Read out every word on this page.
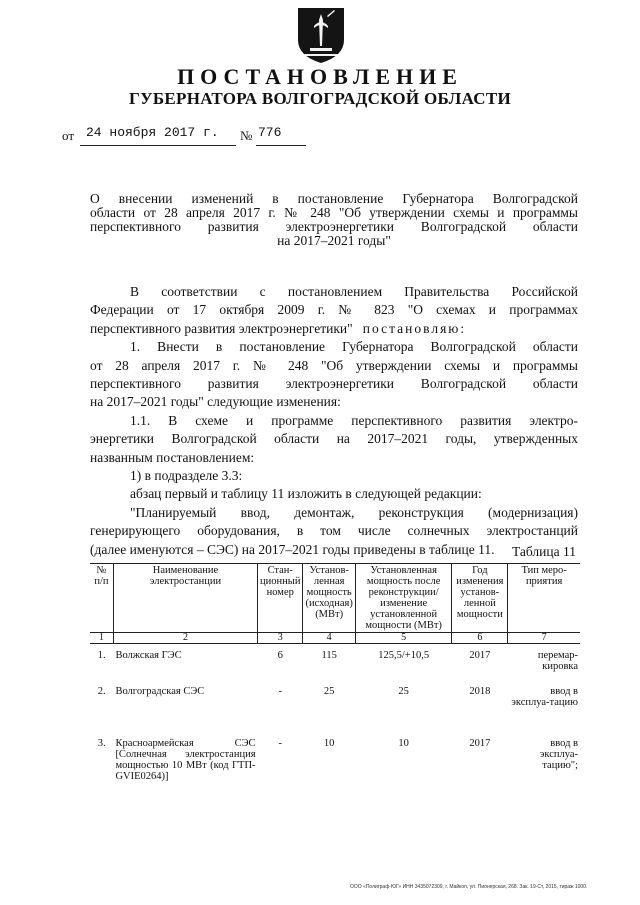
ПОСТАНОВЛЕНИЕ
ГУБЕРНАТОРА ВОЛГОГРАДСКОЙ ОБЛАСТИ
от 24 ноября 2017 г. № 776
О внесении изменений в постановление Губернатора Волгоградской
области от 28 апреля 2017 г. № 248 "Об утверждении схемы и программы
перспективного развития электроэнергетики Волгоградской области
на 2017–2021 годы"
В соответствии с постановлением Правительства Российской
Федерации от 17 октября 2009 г. № 823 "О схемах и программах
перспективного развития электроэнергетики" постановляю:
1. Внести в постановление Губернатора Волгоградской области
от 28 апреля 2017 г. № 248 "Об утверждении схемы и программы
перспективного развития электроэнергетики Волгоградской области
на 2017–2021 годы" следующие изменения:
1.1. В схеме и программе перспективного развития электро-
энергетики Волгоградской области на 2017–2021 годы, утвержденных
названным постановлением:
1) в подразделе 3.3:
абзац первый и таблицу 11 изложить в следующей редакции:
"Планируемый ввод, демонтаж, реконструкция (модернизация)
генерирующего оборудования, в том числе солнечных электростанций
(далее именуются – СЭС) на 2017–2021 годы приведены в таблице 11.	Таблица 11
№ п/п	Наименование электростанции	Стан-ционный номер	Установ-ленная мощность (исходная) (МВт)	Установленная мощность после реконструкции/ изменение установленной мощности (МВт)	Год изменения установ-ленной мощности	Тип меро-приятия
1	2	3	4	5	6	7
1.	Волжская ГЭС	6	115	125,5/+10,5	2017	перемар-кировка
2.	Волгоградская СЭС	-	25	25	2018	ввод в эксплуа-тацию
3.	Красноармейская СЭС [Солнечная электростанция мощностью 10 МВт (код ГТП-GVIE0264)]	-	10	10	2017	ввод в эксплуа-тацию";
ООО «Полиграф-ЮГ» ИНН 3435072309, г. Майкоп, ул. Пионерская, 268. Зак. 19-Ст, 2015, тираж 1000.
